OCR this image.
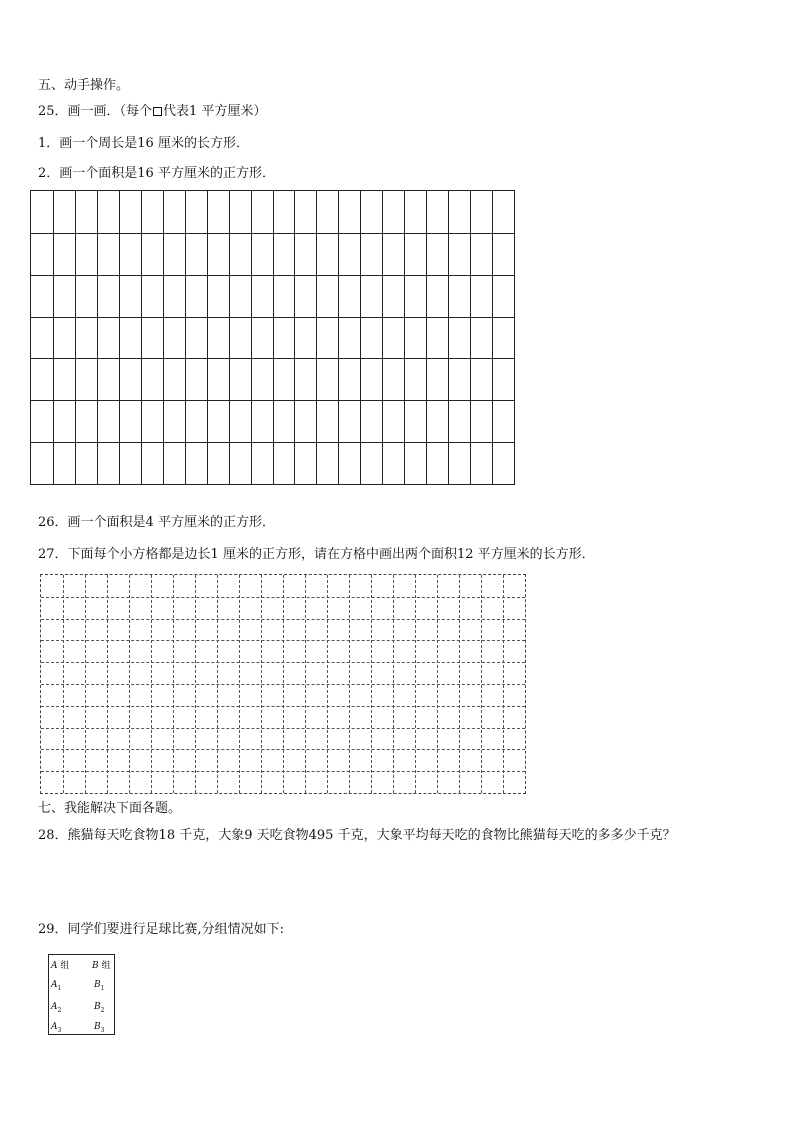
五、动手操作。
25．画一画．（每个 代表1 平方厘米）
1．画一个周长是16 厘米的长方形．
2．画一个面积是16 平方厘米的正方形．
26．画一个面积是4 平方厘米的正方形．
27．下面每个小方格都是边长1 厘米的正方形，请在方格中画出两个面积12 平方厘米的长方形．
七、我能解决下面各题。
28．熊猫每天吃食物18 千克，大象9 天吃食物495 千克，大象平均每天吃的食物比熊猫每天吃的多多少千克？
29．同学们要进行足球比赛,分组情况如下:
A 组	B 组
$A_1$	$B_1$
$A_2$	$B_2$
$A_3$	$B_3$
